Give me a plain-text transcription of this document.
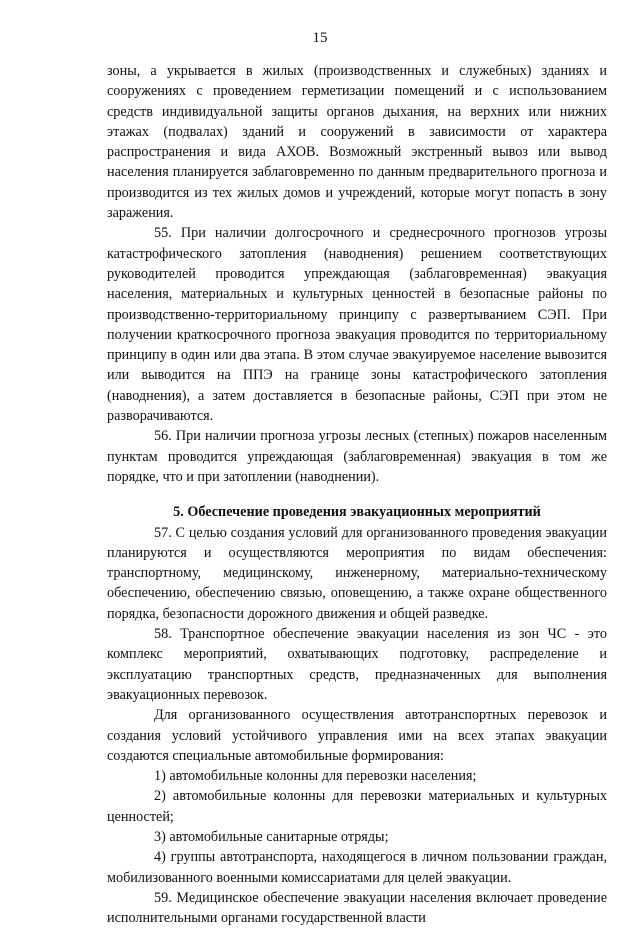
15

зоны, а укрывается в жилых (производственных и служебных) зданиях и сооружениях с проведением герметизации помещений и с использованием средств индивидуальной защиты органов дыхания, на верхних или нижних этажах (подвалах) зданий и сооружений в зависимости от характера распространения и вида АХОВ. Возможный экстренный вывоз или вывод населения планируется заблаговременно по данным предварительного прогноза и производится из тех жилых домов и учреждений, которые могут попасть в зону заражения.

55. При наличии долгосрочного и среднесрочного прогнозов угрозы катастрофического затопления (наводнения) решением соответствующих руководителей проводится упреждающая (заблаговременная) эвакуация населения, материальных и культурных ценностей в безопасные районы по производственно-территориальному принципу с развертыванием СЭП. При получении краткосрочного прогноза эвакуация проводится по территориальному принципу в один или два этапа. В этом случае эвакуируемое население вывозится или выводится на ППЭ на границе зоны катастрофического затопления (наводнения), а затем доставляется в безопасные районы, СЭП при этом не разворачиваются.

56. При наличии прогноза угрозы лесных (степных) пожаров населенным пунктам проводится упреждающая (заблаговременная) эвакуация в том же порядке, что и при затоплении (наводнении).

5. Обеспечение проведения эвакуационных мероприятий

57. С целью создания условий для организованного проведения эвакуации планируются и осуществляются мероприятия по видам обеспечения: транспортному, медицинскому, инженерному, материально-техническому обеспечению, обеспечению связью, оповещению, а также охране общественного порядка, безопасности дорожного движения и общей разведке.

58. Транспортное обеспечение эвакуации населения из зон ЧС - это комплекс мероприятий, охватывающих подготовку, распределение и эксплуатацию транспортных средств, предназначенных для выполнения эвакуационных перевозок.

Для организованного осуществления автотранспортных перевозок и создания условий устойчивого управления ими на всех этапах эвакуации создаются специальные автомобильные формирования:

1) автомобильные колонны для перевозки населения;

2) автомобильные колонны для перевозки материальных и культурных ценностей;

3) автомобильные санитарные отряды;

4) группы автотранспорта, находящегося в личном пользовании граждан, мобилизованного военными комиссариатами для целей эвакуации.

59. Медицинское обеспечение эвакуации населения включает проведение исполнительными органами государственной власти
